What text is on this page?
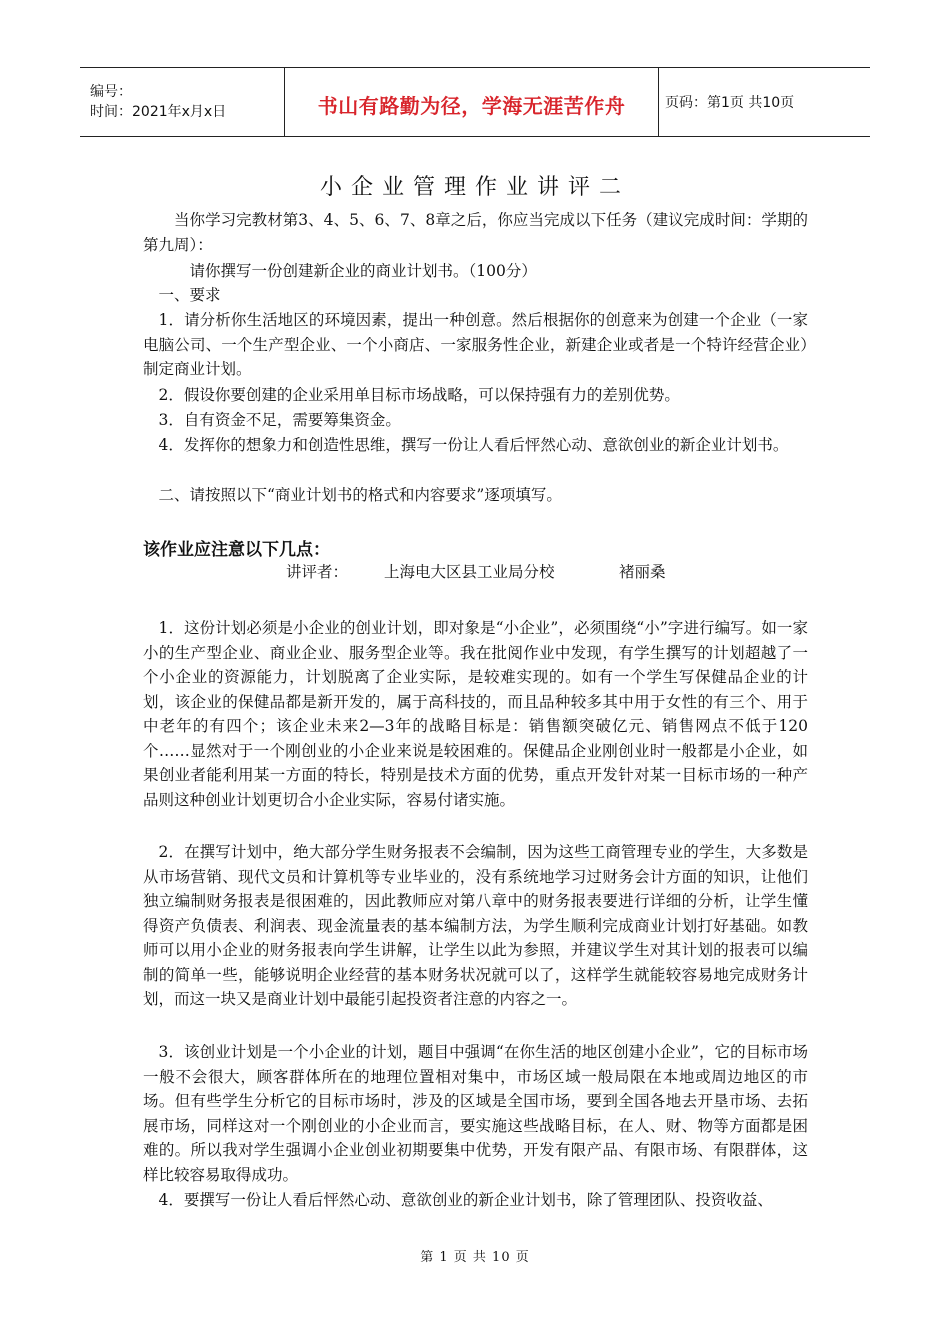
编号：
时间：2021年x月x日	书山有路勤为径，学海无涯苦作舟	页码：第1页 共10页
小企业管理作业讲评二
当你学习完教材第3、4、5、6、7、8章之后，你应当完成以下任务（建议完成时间：学期的第九周）：
请你撰写一份创建新企业的商业计划书。（100分）
一、要求
1．请分析你生活地区的环境因素，提出一种创意。然后根据你的创意来为创建一个企业（一家电脑公司、一个生产型企业、一个小商店、一家服务性企业，新建企业或者是一个特许经营企业）制定商业计划。
2．假设你要创建的企业采用单目标市场战略，可以保持强有力的差别优势。
3．自有资金不足，需要筹集资金。
4．发挥你的想象力和创造性思维，撰写一份让人看后怦然心动、意欲创业的新企业计划书。
二、请按照以下“商业计划书的格式和内容要求”逐项填写。
该作业应注意以下几点：
讲评者：	上海电大区县工业局分校	褚丽桑
1．这份计划必须是小企业的创业计划，即对象是“小企业”，必须围绕“小”字进行编写。如一家小的生产型企业、商业企业、服务型企业等。我在批阅作业中发现，有学生撰写的计划超越了一个小企业的资源能力，计划脱离了企业实际，是较难实现的。如有一个学生写保健品企业的计划，该企业的保健品都是新开发的，属于高科技的，而且品种较多其中用于女性的有三个、用于中老年的有四个；该企业未来2—3年的战略目标是：销售额突破亿元、销售网点不低于120个……显然对于一个刚创业的小企业来说是较困难的。保健品企业刚创业时一般都是小企业，如果创业者能利用某一方面的特长，特别是技术方面的优势，重点开发针对某一目标市场的一种产品则这种创业计划更切合小企业实际，容易付诸实施。
2．在撰写计划中，绝大部分学生财务报表不会编制，因为这些工商管理专业的学生，大多数是从市场营销、现代文员和计算机等专业毕业的，没有系统地学习过财务会计方面的知识，让他们独立编制财务报表是很困难的，因此教师应对第八章中的财务报表要进行详细的分析，让学生懂得资产负债表、利润表、现金流量表的基本编制方法，为学生顺利完成商业计划打好基础。如教师可以用小企业的财务报表向学生讲解，让学生以此为参照，并建议学生对其计划的报表可以编制的简单一些，能够说明企业经营的基本财务状况就可以了，这样学生就能较容易地完成财务计划，而这一块又是商业计划中最能引起投资者注意的内容之一。
3．该创业计划是一个小企业的计划，题目中强调“在你生活的地区创建小企业”，它的目标市场一般不会很大，顾客群体所在的地理位置相对集中，市场区域一般局限在本地或周边地区的市场。但有些学生分析它的目标市场时，涉及的区域是全国市场，要到全国各地去开垦市场、去拓展市场，同样这对一个刚创业的小企业而言，要实施这些战略目标，在人、财、物等方面都是困难的。所以我对学生强调小企业创业初期要集中优势，开发有限产品、有限市场、有限群体，这样比较容易取得成功。
4．要撰写一份让人看后怦然心动、意欲创业的新企业计划书，除了管理团队、投资收益、
第 1 页 共 10 页
